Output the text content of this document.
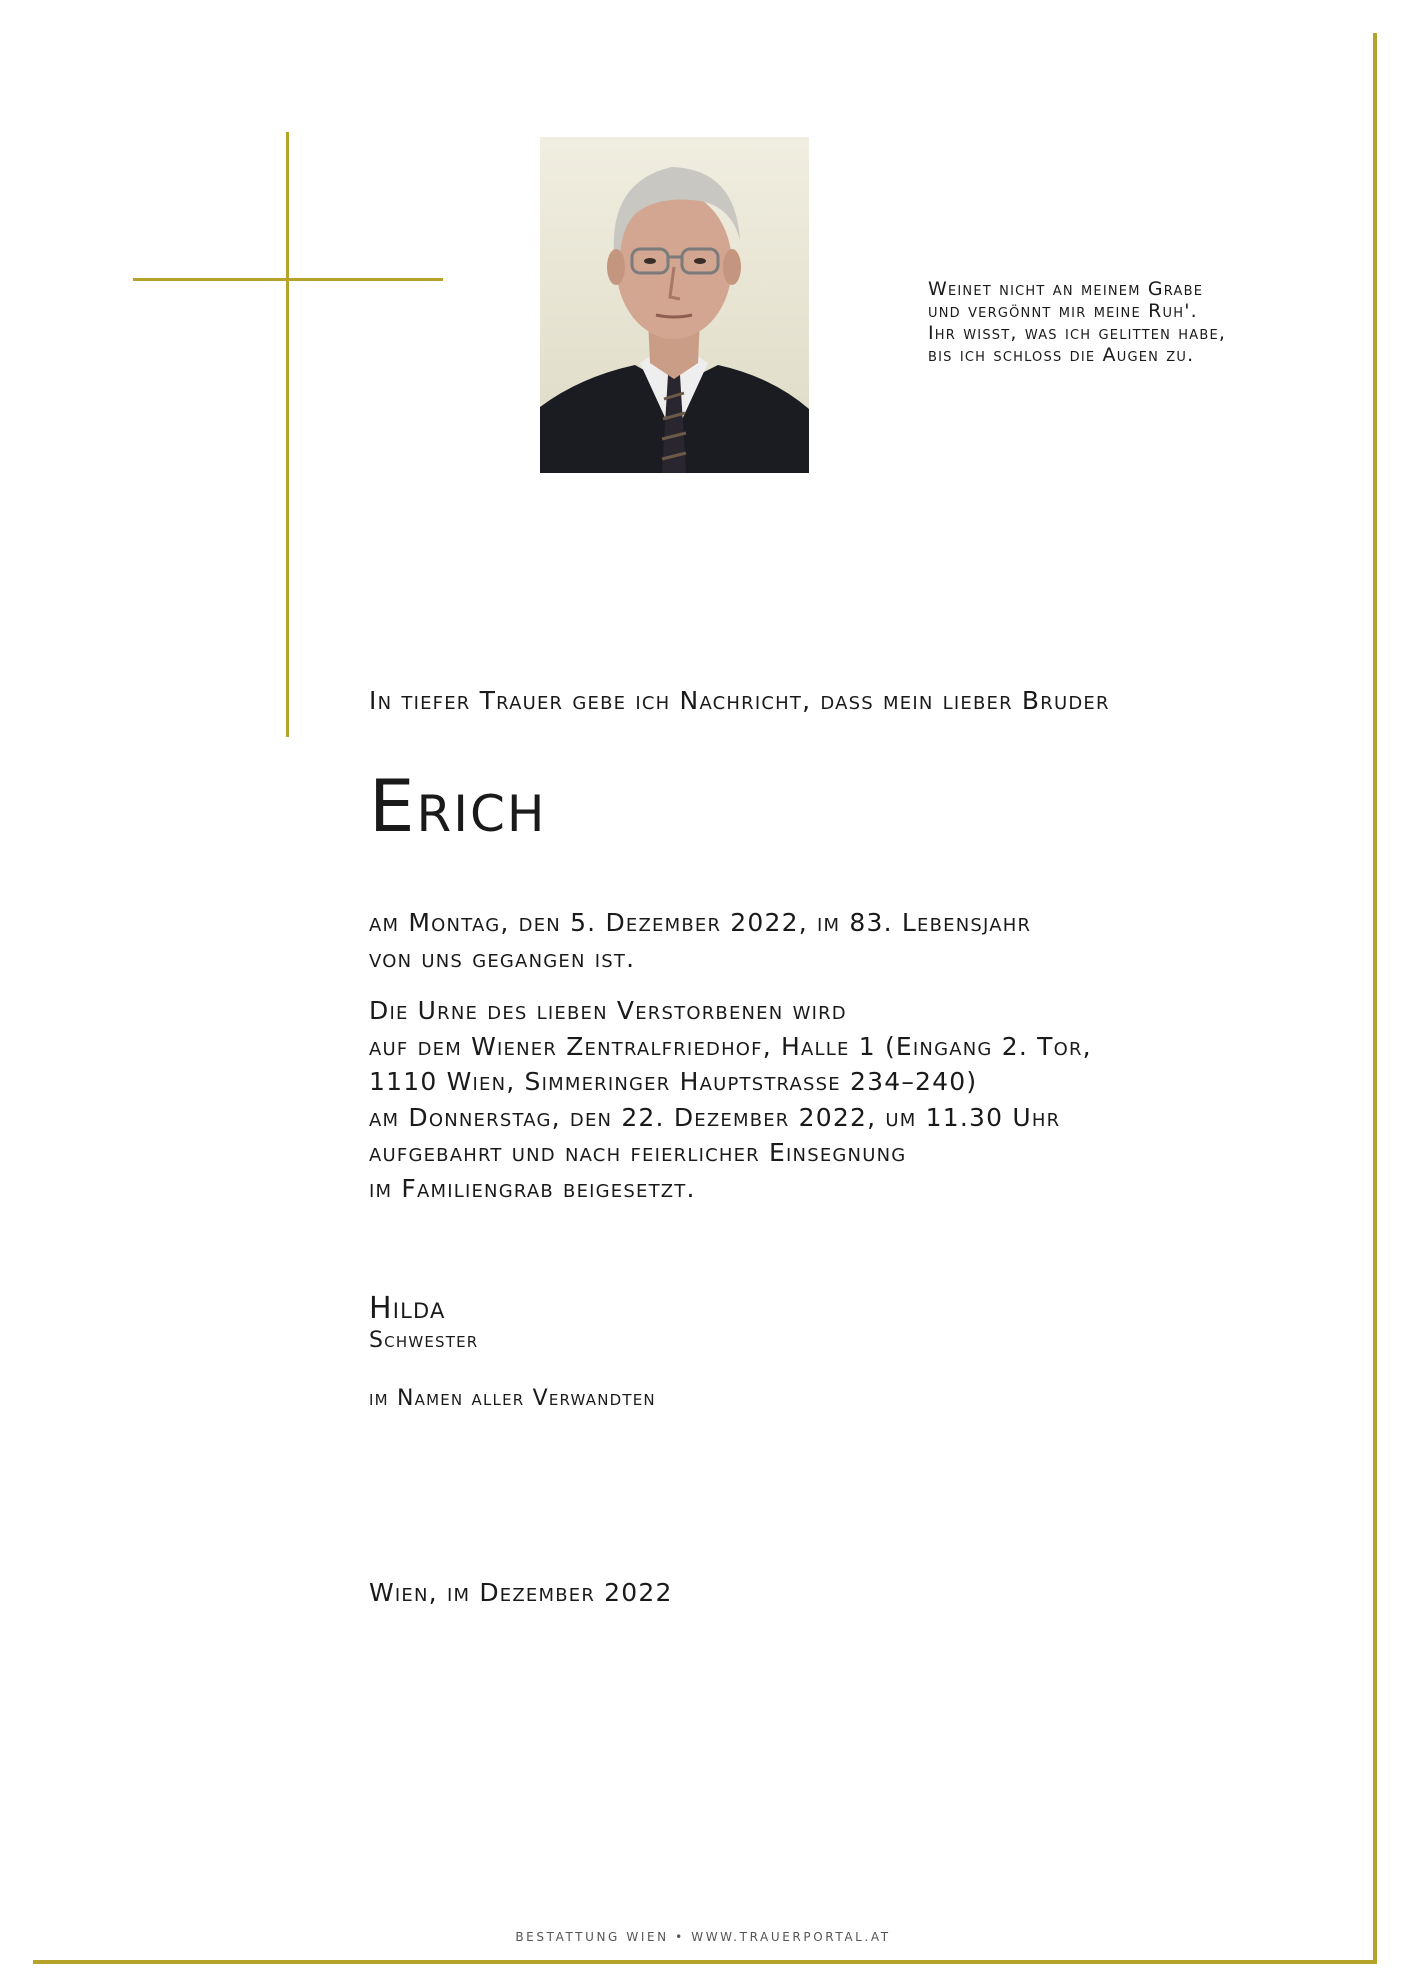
Weinet nicht an meinem Grabe
und vergönnt mir meine Ruh'.
Ihr wisst, was ich gelitten habe,
bis ich schloss die Augen zu.
In tiefer Trauer gebe ich Nachricht, dass mein lieber Bruder
Erich
am Montag, den 5. Dezember 2022, im 83. Lebensjahr
von uns gegangen ist.
Die Urne des lieben Verstorbenen wird
auf dem Wiener Zentralfriedhof, Halle 1 (Eingang 2. Tor,
1110 Wien, Simmeringer Hauptstrasse 234–240)
am Donnerstag, den 22. Dezember 2022, um 11.30 Uhr
aufgebahrt und nach feierlicher Einsegnung
im Familiengrab beigesetzt.
Hilda
Schwester
im Namen aller Verwandten
Wien, im Dezember 2022
BESTATTUNG WIEN • WWW.TRAUERPORTAL.AT
